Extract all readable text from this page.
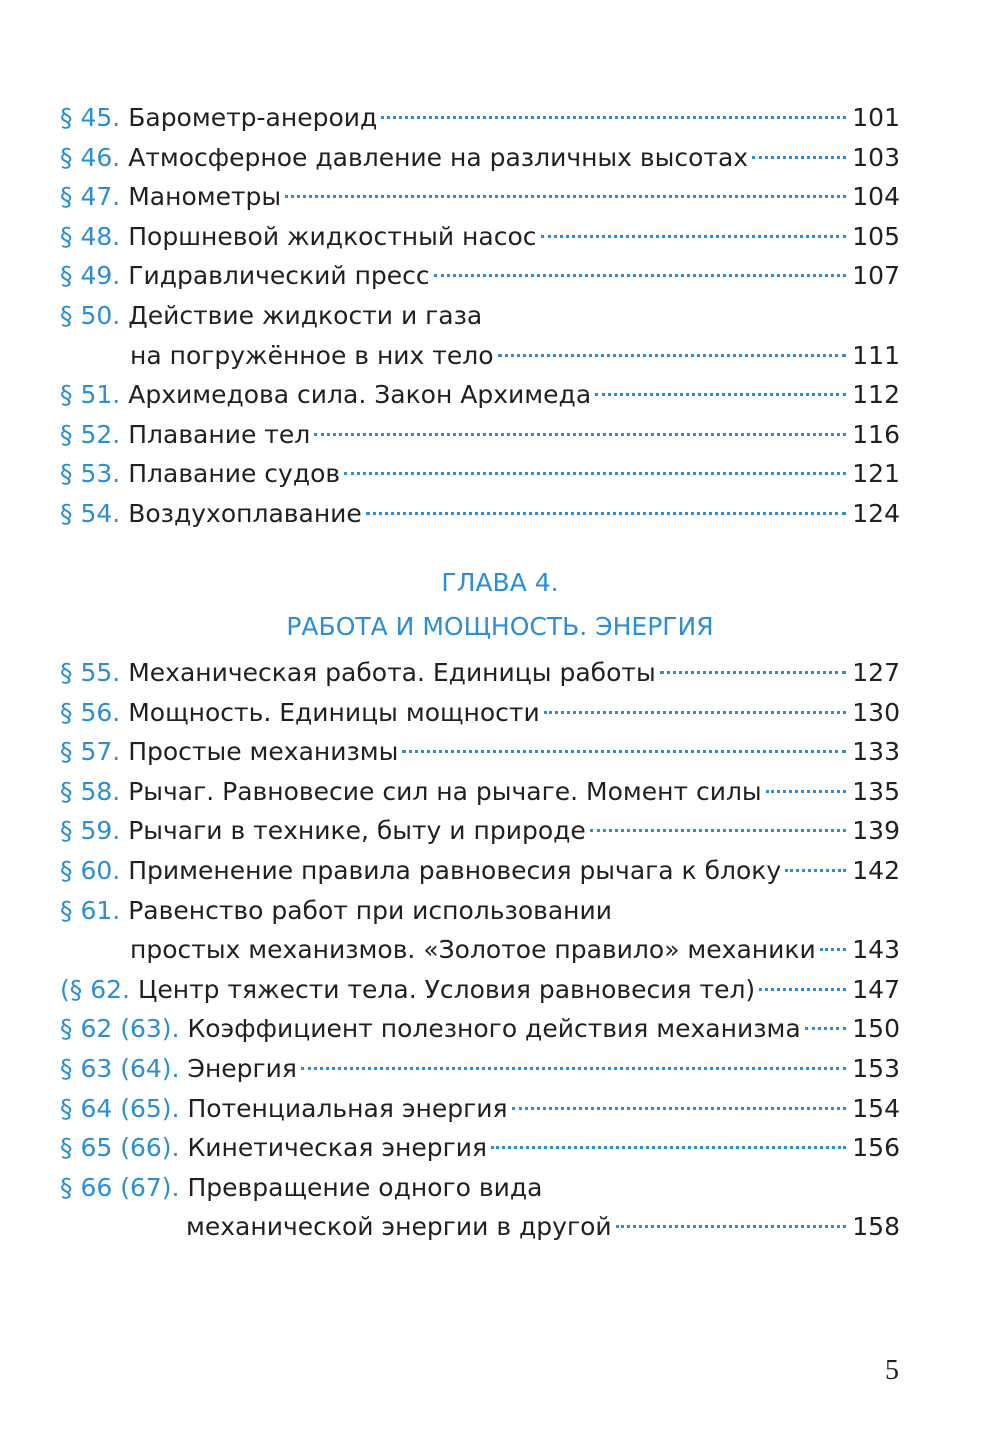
§ 45. Барометр-анероид	101
§ 46. Атмосферное давление на различных высотах	103
§ 47. Манометры	104
§ 48. Поршневой жидкостный насос	105
§ 49. Гидравлический пресс	107
§ 50. Действие жидкости и газа
на погружённое в них тело	111
§ 51. Архимедова сила. Закон Архимеда	112
§ 52. Плавание тел	116
§ 53. Плавание судов	121
§ 54. Воздухоплавание	124
ГЛАВА 4.
РАБОТА И МОЩНОСТЬ. ЭНЕРГИЯ
§ 55. Механическая работа. Единицы работы	127
§ 56. Мощность. Единицы мощности	130
§ 57. Простые механизмы	133
§ 58. Рычаг. Равновесие сил на рычаге. Момент силы	135
§ 59. Рычаги в технике, быту и природе	139
§ 60. Применение правила равновесия рычага к блоку	142
§ 61. Равенство работ при использовании
простых механизмов. «Золотое правило» механики 143
(§ 62. Центр тяжести тела. Условия равновесия тел)	147
§ 62 (63). Коэффициент полезного действия механизма 150
§ 63 (64). Энергия	153
§ 64 (65). Потенциальная энергия	154
§ 65 (66). Кинетическая энергия	156
§ 66 (67). Превращение одного вида
механической энергии в другой	158
5
